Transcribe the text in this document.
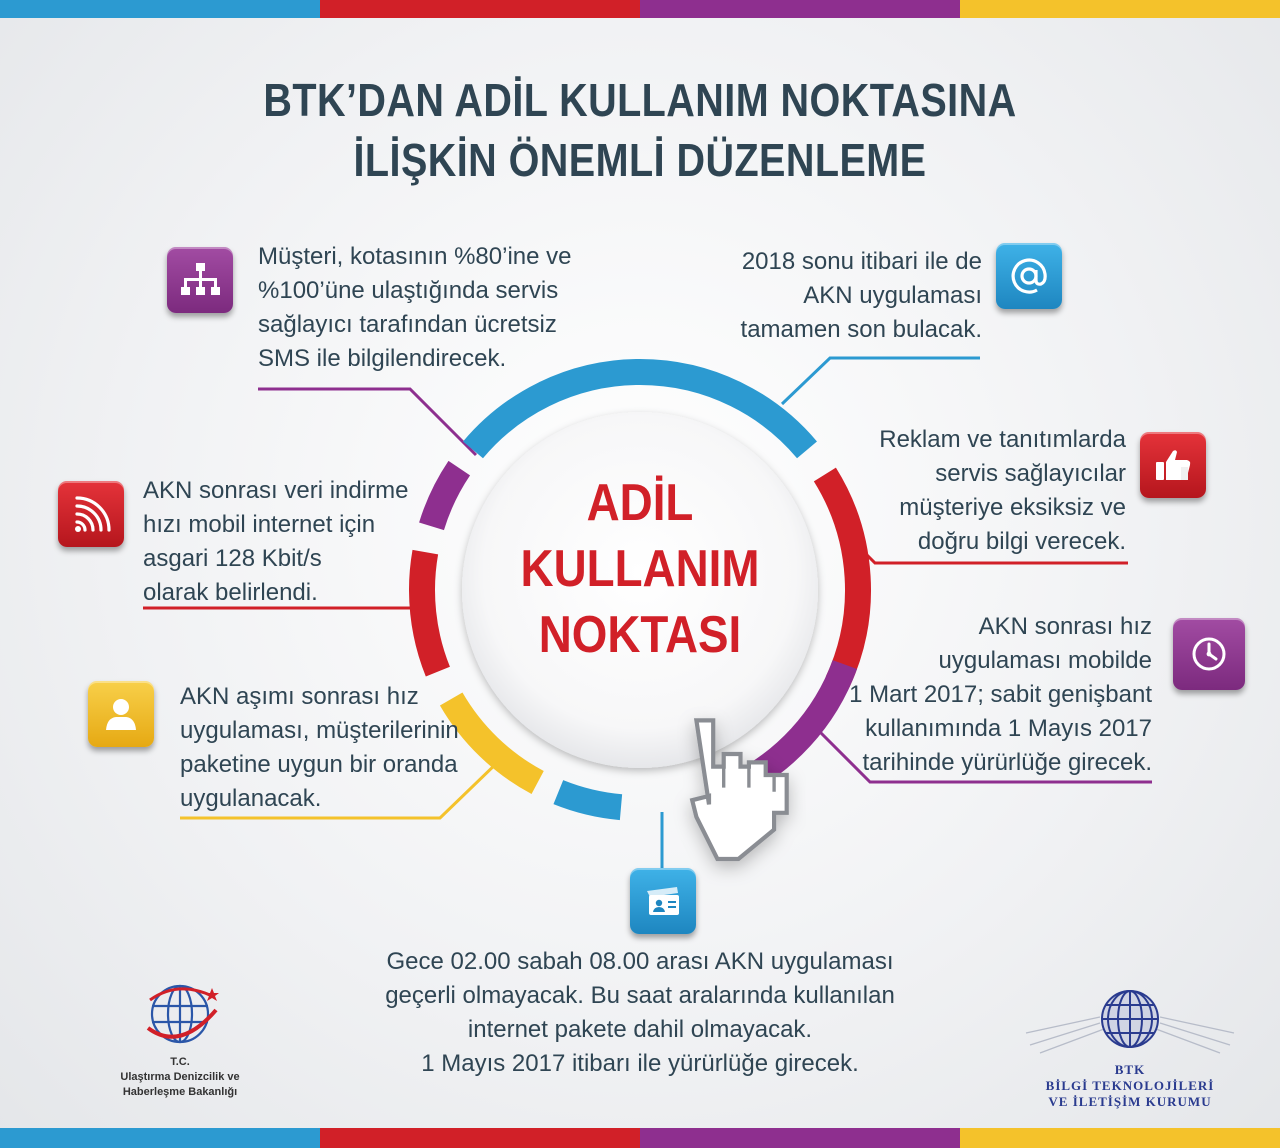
BTK’DAN ADİL KULLANIM NOKTASINA
İLİŞKİN ÖNEMLİ DÜZENLEME
ADİL
KULLANIM
NOKTASI
Müşteri, kotasının %80’ine ve
%100’üne ulaştığında servis
sağlayıcı tarafından ücretsiz
SMS ile bilgilendirecek.
2018 sonu itibari ile de
AKN uygulaması
tamamen son bulacak.
Reklam ve tanıtımlarda
servis sağlayıcılar
müşteriye eksiksiz ve
doğru bilgi verecek.
AKN sonrası veri indirme
hızı mobil internet için
asgari 128 Kbit/s
olarak belirlendi.
AKN sonrası hız
uygulaması mobilde
1 Mart 2017; sabit genişbant
kullanımında 1 Mayıs 2017
tarihinde yürürlüğe girecek.
AKN aşımı sonrası hız
uygulaması, müşterilerinin
paketine uygun bir oranda
uygulanacak.
Gece 02.00 sabah 08.00 arası AKN uygulaması
geçerli olmayacak. Bu saat aralarında kullanılan
internet pakete dahil olmayacak.
1 Mayıs 2017 itibarı ile yürürlüğe girecek.
T.C.
Ulaştırma Denizcilik ve
Haberleşme Bakanlığı
BTK
BİLGİ TEKNOLOJİLERİ
VE İLETİŞİM KURUMU
